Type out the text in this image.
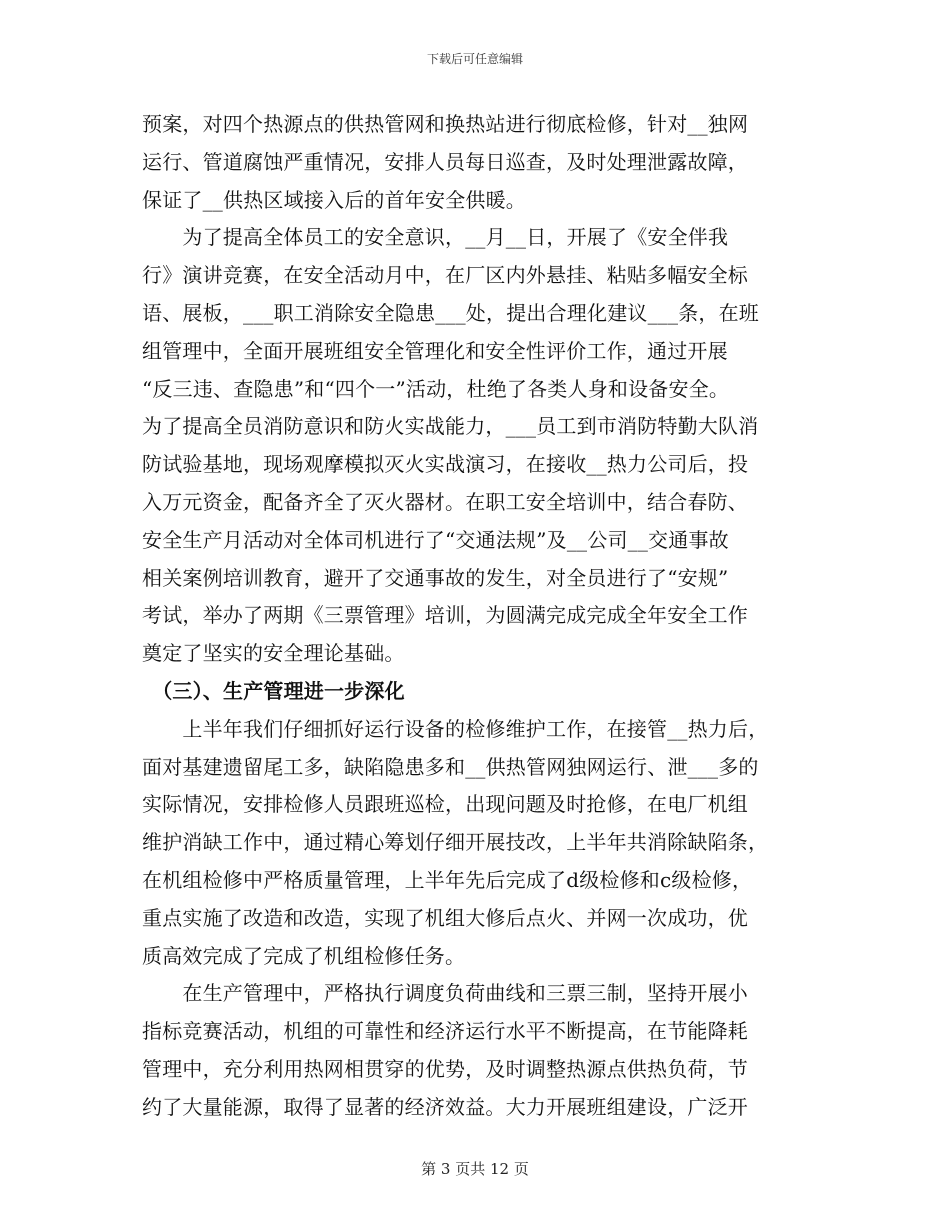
下载后可任意编辑
预案，对四个热源点的供热管网和换热站进行彻底检修，针对__独网
运行、管道腐蚀严重情况，安排人员每日巡查，及时处理泄露故障，
保证了__供热区域接入后的首年安全供暖。
　　为了提高全体员工的安全意识，__月__日，开展了《安全伴我
行》演讲竞赛，在安全活动月中，在厂区内外悬挂、粘贴多幅安全标
语、展板，___职工消除安全隐患___处，提出合理化建议___条，在班
组管理中，全面开展班组安全管理化和安全性评价工作，通过开展
“反三违、查隐患”和“四个一”活动，杜绝了各类人身和设备安全。
为了提高全员消防意识和防火实战能力，___员工到市消防特勤大队消
防试验基地，现场观摩模拟灭火实战演习，在接收__热力公司后，投
入万元资金，配备齐全了灭火器材。在职工安全培训中，结合春防、
安全生产月活动对全体司机进行了“交通法规”及__公司__交通事故
相关案例培训教育，避开了交通事故的发生，对全员进行了“安规”
考试，举办了两期《三票管理》培训，为圆满完成完成全年安全工作
奠定了坚实的安全理论基础。
　（三）、生产管理进一步深化
　　上半年我们仔细抓好运行设备的检修维护工作，在接管__热力后，
面对基建遗留尾工多，缺陷隐患多和__供热管网独网运行、泄___多的
实际情况，安排检修人员跟班巡检，出现问题及时抢修，在电厂机组
维护消缺工作中，通过精心筹划仔细开展技改，上半年共消除缺陷条，
在机组检修中严格质量管理，上半年先后完成了d级检修和c级检修，
重点实施了改造和改造，实现了机组大修后点火、并网一次成功，优
质高效完成了完成了机组检修任务。
　　在生产管理中，严格执行调度负荷曲线和三票三制，坚持开展小
指标竞赛活动，机组的可靠性和经济运行水平不断提高，在节能降耗
管理中，充分利用热网相贯穿的优势，及时调整热源点供热负荷，节
约了大量能源，取得了显著的经济效益。大力开展班组建设，广泛开
第 3 页共 12 页
